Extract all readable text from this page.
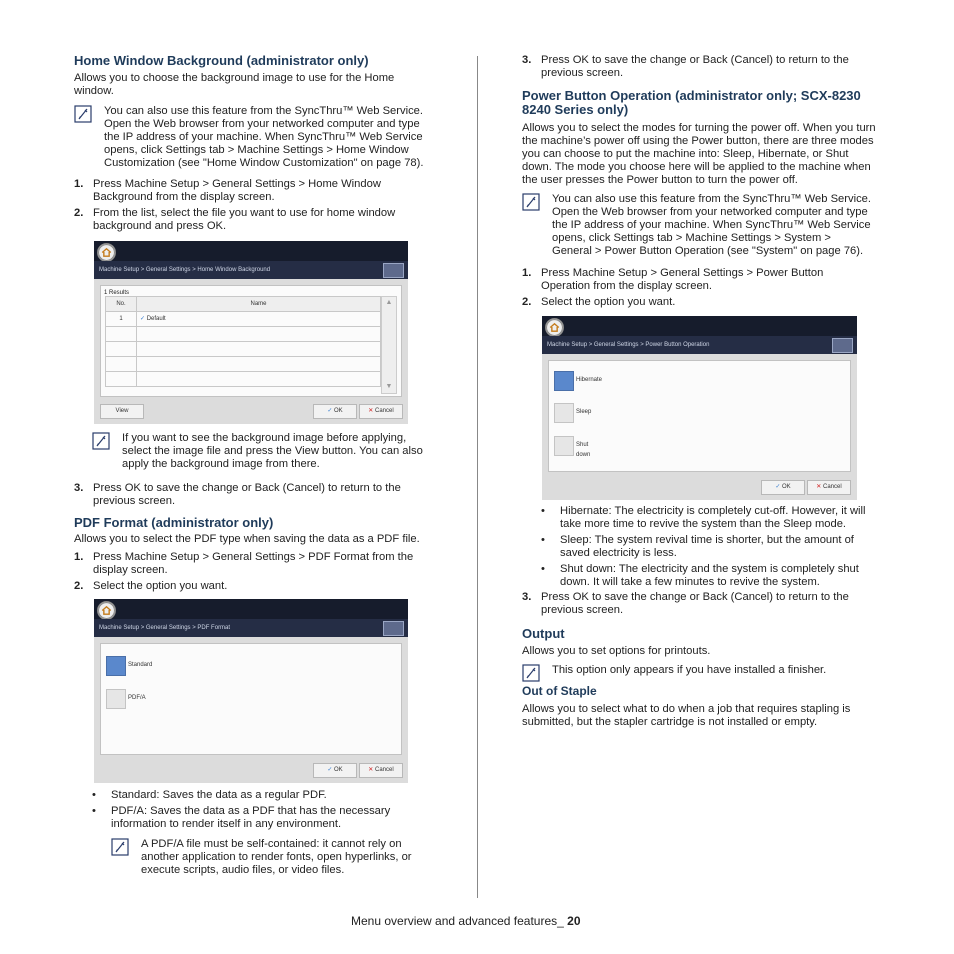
Home Window Background (administrator only)
Allows you to choose the background image to use for the Home
window.
You can also use this feature from the SyncThru™ Web Service.
Open the Web browser from your networked computer and type
the IP address of your machine. When SyncThru™ Web Service
opens, click Settings tab > Machine Settings > Home Window
Customization (see "Home Window Customization" on page 78).
1. Press Machine Setup > General Settings > Home Window
Background from the display screen.
2. From the list, select the file you want to use for home window
background and press OK.
Machine Setup > General Settings > Home Window Background
1 Results
No.	Name
1	✓ Default

▲
▼
View	✓ OK	✕ Cancel
If you want to see the background image before applying,
select the image file and press the View button. You can also
apply the background image from there.
3. Press OK to save the change or Back (Cancel) to return to the
previous screen.
PDF Format (administrator only)
Allows you to select the PDF type when saving the data as a PDF file.
1. Press Machine Setup > General Settings > PDF Format from the
display screen.
2. Select the option you want.
Machine Setup > General Settings > PDF Format
Standard
PDF/A
✓ OK	✕ Cancel
• Standard: Saves the data as a regular PDF.
• PDF/A: Saves the data as a PDF that has the necessary
information to render itself in any environment.
A PDF/A file must be self-contained: it cannot rely on
another application to render fonts, open hyperlinks, or
execute scripts, audio files, or video files.
3. Press OK to save the change or Back (Cancel) to return to the
previous screen.
Power Button Operation (administrator only; SCX-8230
8240 Series only)
Allows you to select the modes for turning the power off. When you turn
the machine’s power off using the Power button, there are three modes
you can choose to put the machine into: Sleep, Hibernate, or Shut
down. The mode you choose here will be applied to the machine when
the user presses the Power button to turn the power off.
You can also use this feature from the SyncThru™ Web Service.
Open the Web browser from your networked computer and type
the IP address of your machine. When SyncThru™ Web Service
opens, click Settings tab > Machine Settings > System >
General > Power Button Operation (see "System" on page 76).
1. Press Machine Setup > General Settings > Power Button
Operation from the display screen.
2. Select the option you want.
Machine Setup > General Settings > Power Button Operation
Hibernate
Sleep
Shut down
✓ OK	✕ Cancel
• Hibernate: The electricity is completely cut-off. However, it will
take more time to revive the system than the Sleep mode.
• Sleep: The system revival time is shorter, but the amount of
saved electricity is less.
• Shut down: The electricity and the system is completely shut
down. It will take a few minutes to revive the system.
3. Press OK to save the change or Back (Cancel) to return to the
previous screen.
Output
Allows you to set options for printouts.
This option only appears if you have installed a finisher.
Out of Staple
Allows you to select what to do when a job that requires stapling is
submitted, but the stapler cartridge is not installed or empty.
Menu overview and advanced features_ 20
